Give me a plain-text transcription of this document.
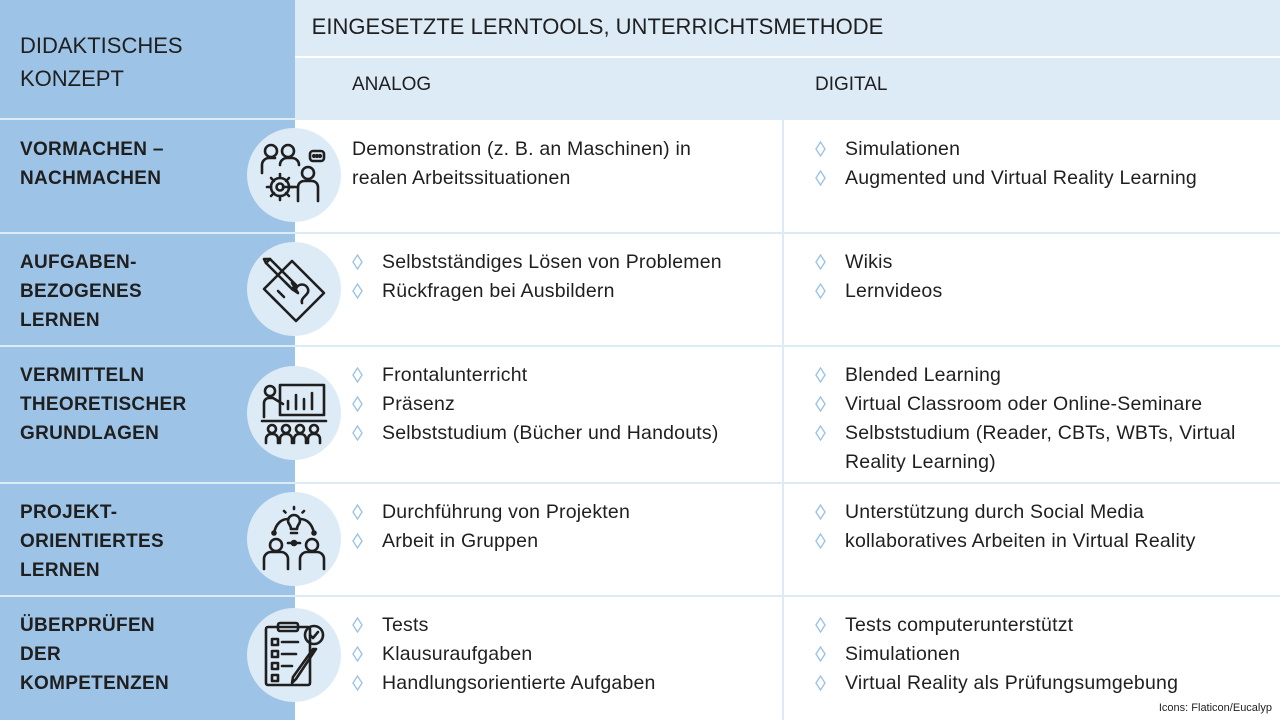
DIDAKTISCHES
KONZEPT
EINGESETZTE LERNTOOLS, UNTERRICHTSMETHODE
ANALOG	DIGITAL
VORMACHEN –
NACHMACHEN
AUFGABEN-
BEZOGENES
LERNEN
VERMITTELN
THEORETISCHER
GRUNDLAGEN
PROJEKT-
ORIENTIERTES
LERNEN
ÜBERPRÜFEN
DER
KOMPETENZEN
Demonstration (z. B. an Maschinen) in realen Arbeitssituationen
Simulationen
Augmented und Virtual Reality Learning
Selbstständiges Lösen von Problemen
Rückfragen bei Ausbildern
Wikis
Lernvideos
Frontalunterricht
Präsenz
Selbststudium (Bücher und Handouts)
Blended Learning
Virtual Classroom oder Online-Seminare
Selbststudium (Reader, CBTs, WBTs, Virtual Reality Learning)
Durchführung von Projekten
Arbeit in Gruppen
Unterstützung durch Social Media
kollaboratives Arbeiten in Virtual Reality
Tests
Klausuraufgaben
Handlungsorientierte Aufgaben
Tests computerunterstützt
Simulationen
Virtual Reality als Prüfungsumgebung
Icons: Flaticon/Eucalyp
